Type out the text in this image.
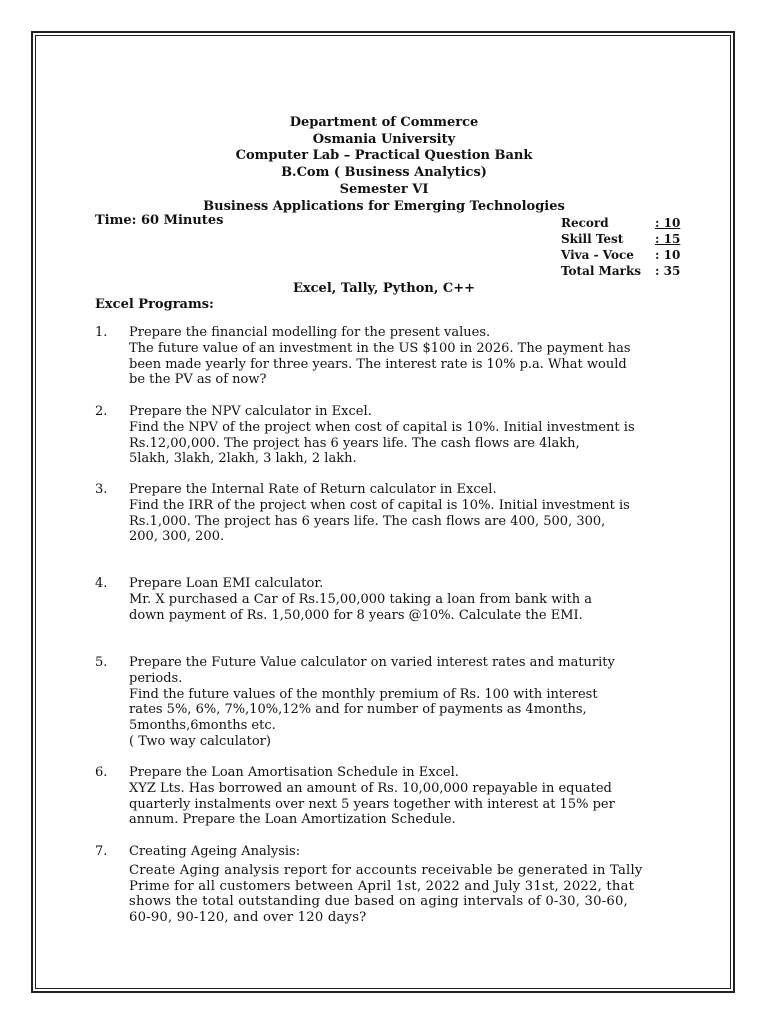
Department of Commerce
Osmania University
Computer Lab – Practical Question Bank
B.Com ( Business Analytics)
Semester VI
Business Applications for Emerging Technologies
Time: 60 Minutes	Record	: 10
Skill Test	: 15
Viva - Voce	: 10
Total Marks	: 35
Excel, Tally, Python, C++
Excel Programs:
1. Prepare the financial modelling for the present values.

The future value of an investment in the US $100 in 2026. The payment has

been made yearly for three years. The interest rate is 10% p.a. What would

be the PV as of now?

2. Prepare the NPV calculator in Excel.

Find the NPV of the project when cost of capital is 10%. Initial investment is

Rs.12,00,000. The project has 6 years life. The cash flows are 4lakh,

5lakh, 3lakh, 2lakh, 3 lakh, 2 lakh.

3. Prepare the Internal Rate of Return calculator in Excel.

Find the IRR of the project when cost of capital is 10%. Initial investment is

Rs.1,000. The project has 6 years life. The cash flows are 400, 500, 300,

200, 300, 200.

4. Prepare Loan EMI calculator.

Mr. X purchased a Car of Rs.15,00,000 taking a loan from bank with a

down payment of Rs. 1,50,000 for 8 years @10%. Calculate the EMI.

5. Prepare the Future Value calculator on varied interest rates and maturity

periods.

Find the future values of the monthly premium of Rs. 100 with interest

rates 5%, 6%, 7%,10%,12% and for number of payments as 4months,

5months,6months etc.

( Two way calculator)

6. Prepare the Loan Amortisation Schedule in Excel.

XYZ Lts. Has borrowed an amount of Rs. 10,00,000 repayable in equated

quarterly instalments over next 5 years together with interest at 15% per

annum. Prepare the Loan Amortization Schedule.

7. Creating Ageing Analysis:

Create Aging analysis report for accounts receivable be generated in Tally

Prime for all customers between April 1st, 2022 and July 31st, 2022, that

shows the total outstanding due based on aging intervals of 0-30, 30-60,

60-90, 90-120, and over 120 days?
